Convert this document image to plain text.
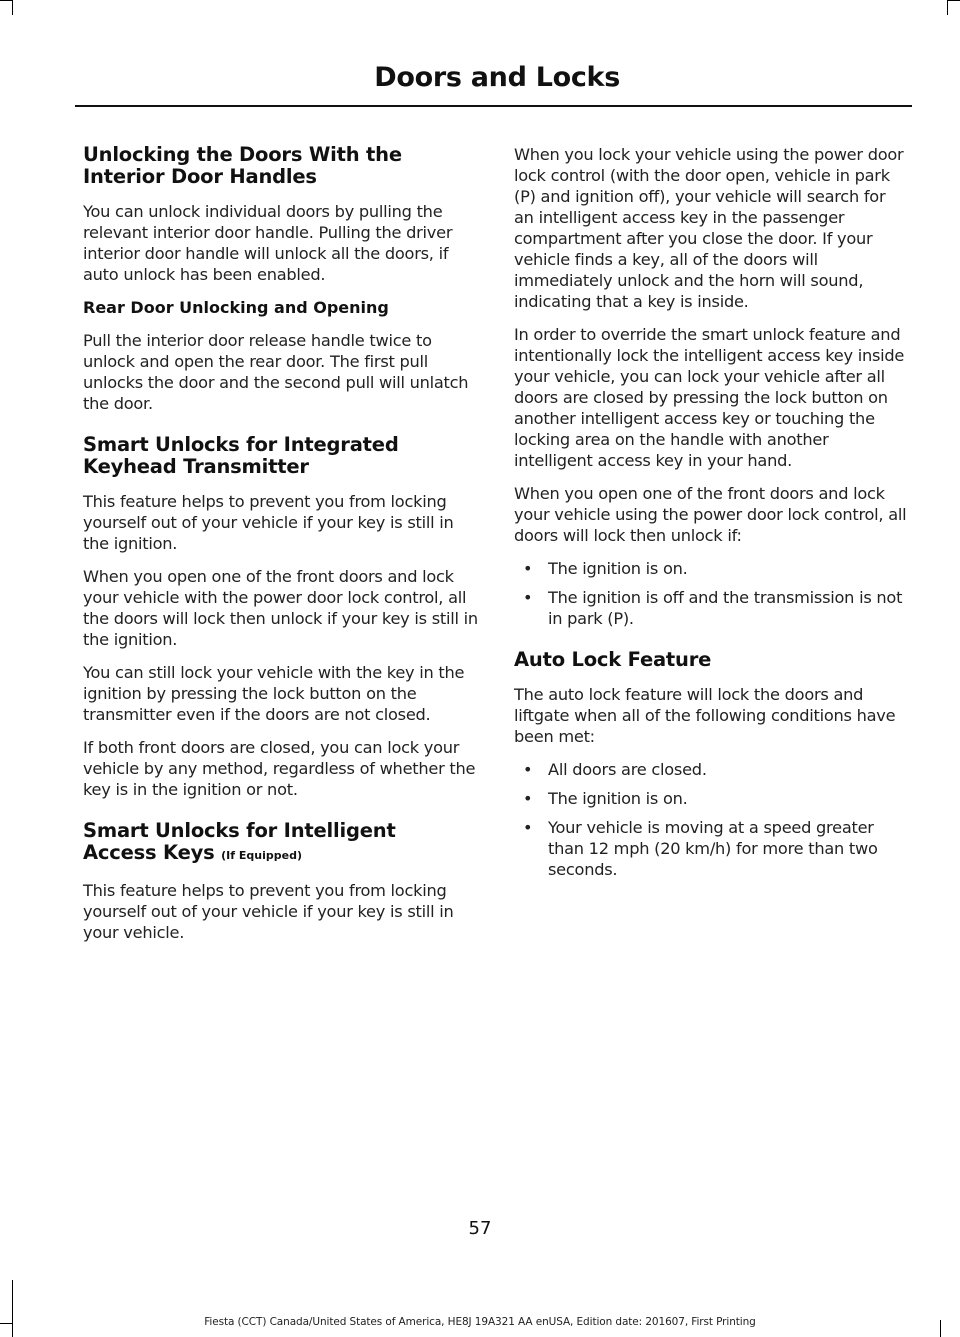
Doors and Locks
Unlocking the Doors With the Interior Door Handles

You can unlock individual doors by pulling the relevant interior door handle. Pulling the driver interior door handle will unlock all the doors, if auto unlock has been enabled.

Rear Door Unlocking and Opening

Pull the interior door release handle twice to unlock and open the rear door. The first pull unlocks the door and the second pull will unlatch the door.

Smart Unlocks for Integrated Keyhead Transmitter

This feature helps to prevent you from locking yourself out of your vehicle if your key is still in the ignition.

When you open one of the front doors and lock your vehicle with the power door lock control, all the doors will lock then unlock if your key is still in the ignition.

You can still lock your vehicle with the key in the ignition by pressing the lock button on the transmitter even if the doors are not closed.

If both front doors are closed, you can lock your vehicle by any method, regardless of whether the key is in the ignition or not.

Smart Unlocks for Intelligent Access Keys (If Equipped)

This feature helps to prevent you from locking yourself out of your vehicle if your key is still in your vehicle.

When you lock your vehicle using the power door lock control (with the door open, vehicle in park (P) and ignition off), your vehicle will search for an intelligent access key in the passenger compartment after you close the door. If your vehicle finds a key, all of the doors will immediately unlock and the horn will sound, indicating that a key is inside.

In order to override the smart unlock feature and intentionally lock the intelligent access key inside your vehicle, you can lock your vehicle after all doors are closed by pressing the lock button on another intelligent access key or touching the locking area on the handle with another intelligent access key in your hand.

When you open one of the front doors and lock your vehicle using the power door lock control, all doors will lock then unlock if:

• The ignition is on.
• The ignition is off and the transmission is not in park (P).
Auto Lock Feature

The auto lock feature will lock the doors and liftgate when all of the following conditions have been met:

• All doors are closed.
• The ignition is on.
• Your vehicle is moving at a speed greater than 12 mph (20 km/h) for more than two seconds.
57
Fiesta (CCT) Canada/United States of America, HE8J 19A321 AA enUSA, Edition date: 201607, First Printing
